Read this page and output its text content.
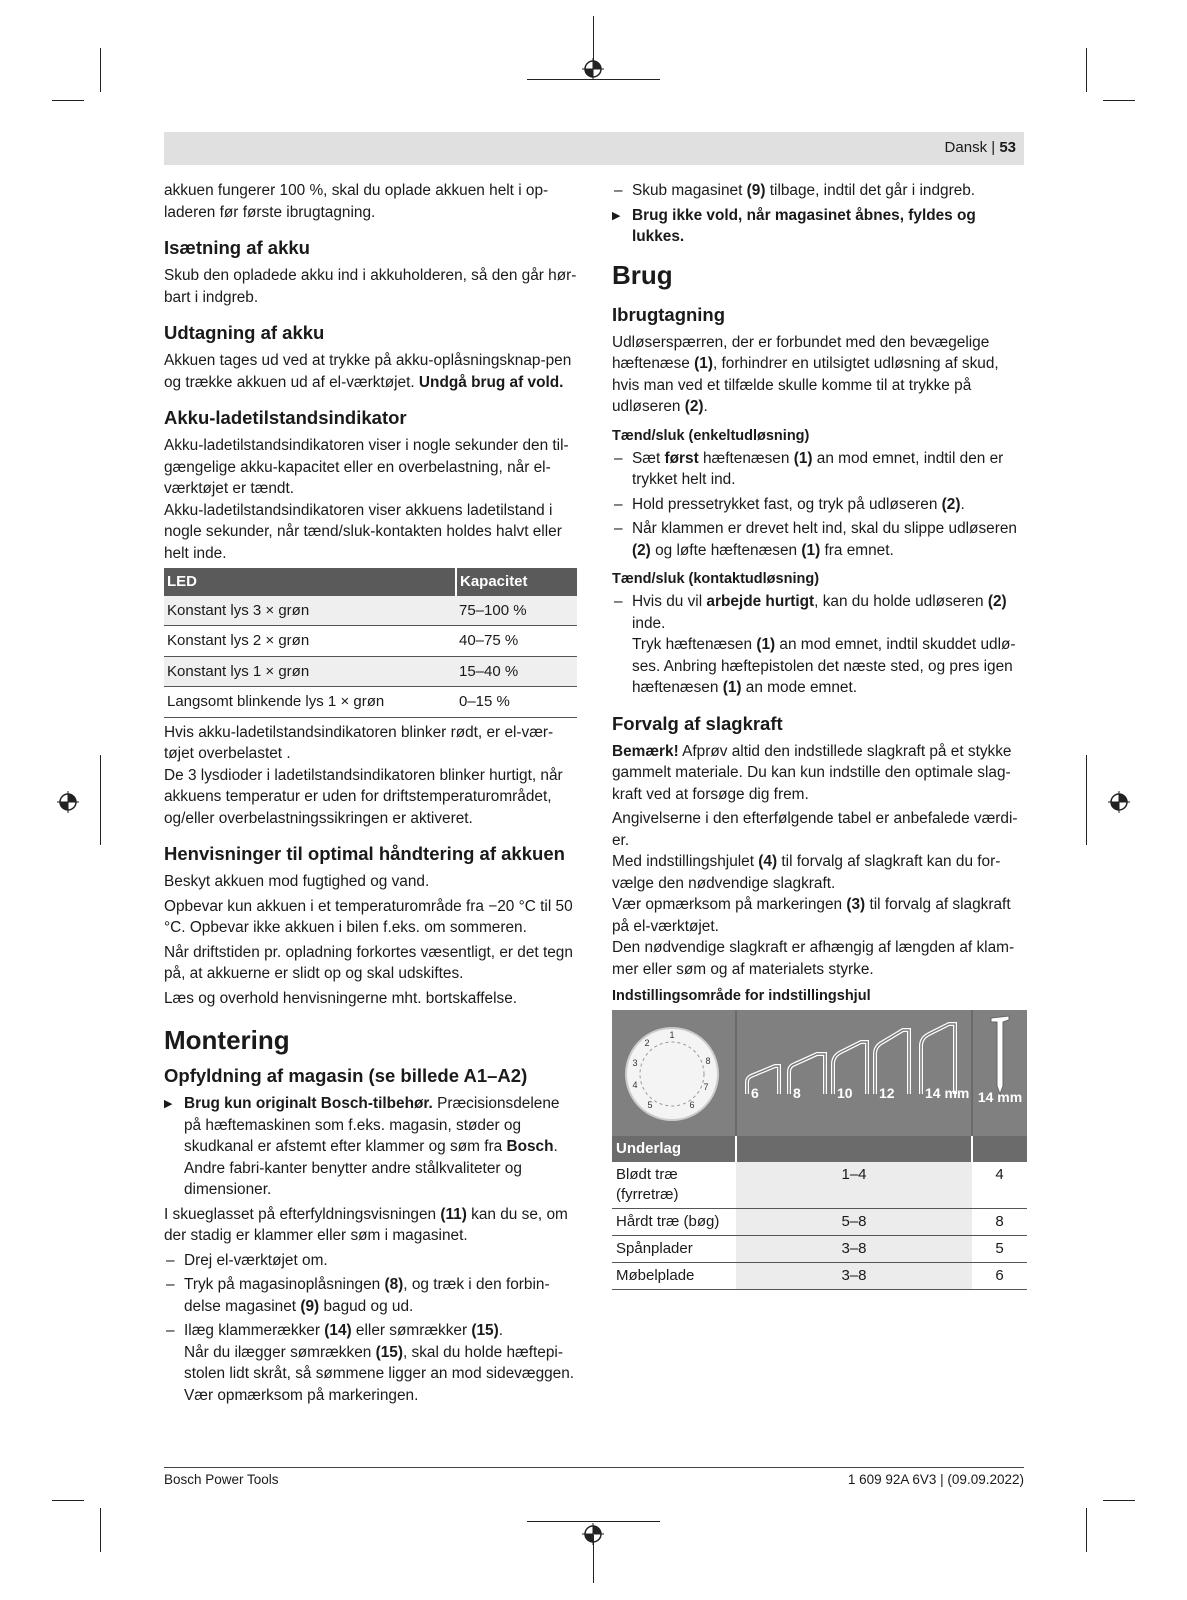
Dansk | 53

akkuen fungerer 100 %, skal du oplade akkuen helt i op-laderen før første ibrugtagning.

Isætning af akku

Skub den opladede akku ind i akkuholderen, så den går hør-bart i indgreb.

Udtagning af akku

Akkuen tages ud ved at trykke på akku-oplåsningsknap-pen og trække akkuen ud af el-værktøjet. Undgå brug af vold.

Akku-ladetilstandsindikator

Akku-ladetilstandsindikatoren viser i nogle sekunder den til-gængelige akku-kapacitet eller en overbelastning, når el-værktøjet er tændt.

Akku-ladetilstandsindikatoren viser akkuens ladetilstand i nogle sekunder, når tænd/sluk-kontakten holdes halvt eller helt inde.

LED	Kapacitet
Konstant lys 3 × grøn	75–100 %
Konstant lys 2 × grøn	40–75 %
Konstant lys 1 × grøn	15–40 %
Langsomt blinkende lys 1 × grøn	0–15 %

Hvis akku-ladetilstandsindikatoren blinker rødt, er el-vær-tøjet overbelastet .

De 3 lysdioder i ladetilstandsindikatoren blinker hurtigt, når akkuens temperatur er uden for driftstemperaturområdet, og/eller overbelastningssikringen er aktiveret.

Henvisninger til optimal håndtering af akkuen

Beskyt akkuen mod fugtighed og vand.

Opbevar kun akkuen i et temperaturområde fra −20 °C til 50 °C. Opbevar ikke akkuen i bilen f.eks. om sommeren.

Når driftstiden pr. opladning forkortes væsentligt, er det tegn på, at akkuerne er slidt op og skal udskiftes.

Læs og overhold henvisningerne mht. bortskaffelse.

Montering
Opfyldning af magasin (se billede A1–A2)

▶ Brug kun originalt Bosch-tilbehør. Præcisionsdelene på hæftemaskinen som f.eks. magasin, støder og skudkanal er afstemt efter klammer og søm fra Bosch. Andre fabri-kanter benytter andre stålkvaliteter og dimensioner.

I skueglasset på efterfyldningsvisningen (11) kan du se, om der stadig er klammer eller søm i magasinet.

– Drej el-værktøjet om.

– Tryk på magasinoplåsningen (8), og træk i den forbin-delse magasinet (9) bagud og ud.

– Ilæg klammerækker (14) eller sømrækker (15).
Når du ilægger sømrækken (15), skal du holde hæftepi-stolen lidt skråt, så sømmene ligger an mod sidevæggen. Vær opmærksom på markeringen.

– Skub magasinet (9) tilbage, indtil det går i indgreb.

▶ Brug ikke vold, når magasinet åbnes, fyldes og lukkes.

Brug
Ibrugtagning

Udløserspærren, der er forbundet med den bevægelige hæftenæse (1), forhindrer en utilsigtet udløsning af skud, hvis man ved et tilfælde skulle komme til at trykke på udløseren (2).

Tænd/sluk (enkeltudløsning)

– Sæt først hæftenæsen (1) an mod emnet, indtil den er trykket helt ind.

– Hold pressetrykket fast, og tryk på udløseren (2).

– Når klammen er drevet helt ind, skal du slippe udløseren (2) og løfte hæftenæsen (1) fra emnet.

Tænd/sluk (kontaktudløsning)

– Hvis du vil arbejde hurtigt, kan du holde udløseren (2) inde.
Tryk hæftenæsen (1) an mod emnet, indtil skuddet udlø-ses. Anbring hæftepistolen det næste sted, og pres igen hæftenæsen (1) an mode emnet.

Forvalg af slagkraft

Bemærk! Afprøv altid den indstillede slagkraft på et stykke gammelt materiale. Du kan kun indstille den optimale slag-kraft ved at forsøge dig frem.

Angivelserne i den efterfølgende tabel er anbefalede værdi-er.

Med indstillingshjulet (4) til forvalg af slagkraft kan du for-vælge den nødvendige slagkraft.

Vær opmærksom på markeringen (3) til forvalg af slagkraft på el-værktøjet.

Den nødvendige slagkraft er afhængig af længden af klam-mer eller søm og af materialets styrke.

Indstillingsområde for indstillingshjul
1
2
3
4
5	6
7
8
6 8	10 12 14 mm 14 mm
Underlag		
Blødt træ (fyrretræ)	1–4	4
Hårdt træ (bøg)	5–8	8
Spånplader	3–8	5
Møbelplade	3–8	6
Bosch Power Tools	1 609 92A 6V3 | (09.09.2022)
